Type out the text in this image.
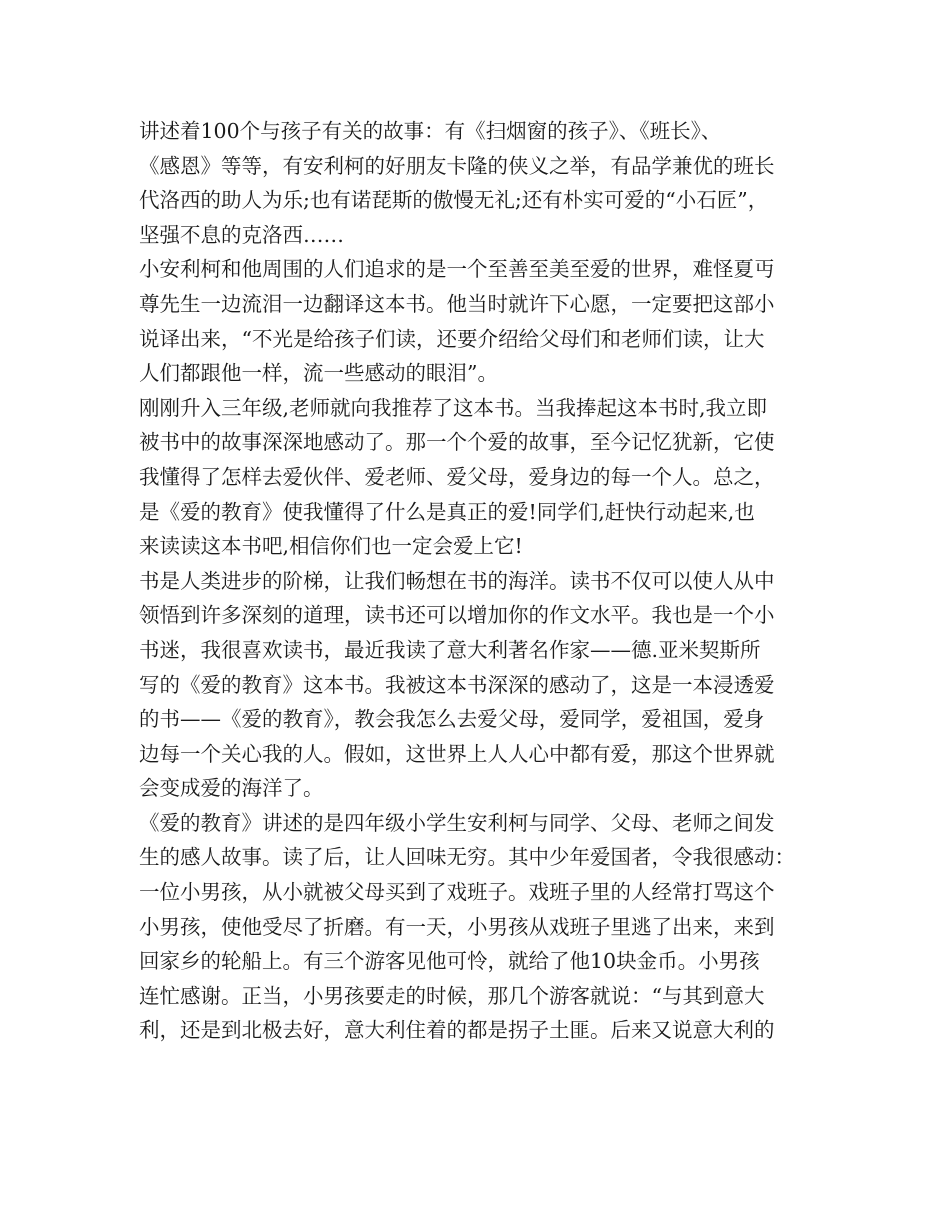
讲述着100个与孩子有关的故事：有《扫烟窗的孩子》、《班长》、
《感恩》等等，有安利柯的好朋友卡隆的侠义之举，有品学兼优的班长
代洛西的助人为乐;也有诺琵斯的傲慢无礼;还有朴实可爱的“小石匠”，
坚强不息的克洛西……
小安利柯和他周围的人们追求的是一个至善至美至爱的世界，难怪夏丏
尊先生一边流泪一边翻译这本书。他当时就许下心愿，一定要把这部小
说译出来，“不光是给孩子们读，还要介绍给父母们和老师们读，让大
人们都跟他一样，流一些感动的眼泪”。
刚刚升入三年级,老师就向我推荐了这本书。当我捧起这本书时,我立即
被书中的故事深深地感动了。那一个个爱的故事，至今记忆犹新，它使
我懂得了怎样去爱伙伴、爱老师、爱父母，爱身边的每一个人。总之，
是《爱的教育》使我懂得了什么是真正的爱!同学们,赶快行动起来,也
来读读这本书吧,相信你们也一定会爱上它!
书是人类进步的阶梯，让我们畅想在书的海洋。读书不仅可以使人从中
领悟到许多深刻的道理，读书还可以增加你的作文水平。我也是一个小
书迷，我很喜欢读书，最近我读了意大利著名作家——德.亚米契斯所
写的《爱的教育》这本书。我被这本书深深的感动了，这是一本浸透爱
的书——《爱的教育》，教会我怎么去爱父母，爱同学，爱祖国，爱身
边每一个关心我的人。假如，这世界上人人心中都有爱，那这个世界就
会变成爱的海洋了。
《爱的教育》讲述的是四年级小学生安利柯与同学、父母、老师之间发
生的感人故事。读了后，让人回味无穷。其中少年爱国者，令我很感动：
一位小男孩，从小就被父母买到了戏班子。戏班子里的人经常打骂这个
小男孩，使他受尽了折磨。有一天，小男孩从戏班子里逃了出来，来到
回家乡的轮船上。有三个游客见他可怜，就给了他10块金币。小男孩
连忙感谢。正当，小男孩要走的时候，那几个游客就说：“与其到意大
利，还是到北极去好，意大利住着的都是拐子土匪。后来又说意大利的
